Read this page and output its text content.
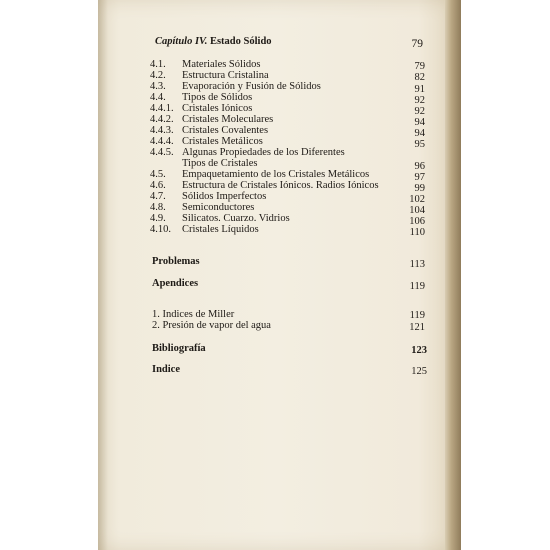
Capítulo IV. Estado Sólido	79
4.1. Materiales Sólidos	79
4.2. Estructura Cristalina	82
4.3. Evaporación y Fusión de Sólidos	91
4.4. Tipos de Sólidos	92
4.4.1. Cristales Iónicos	92
4.4.2. Cristales Moleculares	94
4.4.3. Cristales Covalentes	94
4.4.4. Cristales Metálicos	95
4.4.5. Algunas Propiedades de los Diferentes
Tipos de Cristales	96
4.5. Empaquetamiento de los Cristales Metálicos	97
4.6. Estructura de Cristales Iónicos. Radios Iónicos	99
4.7. Sólidos Imperfectos	102
4.8. Semiconductores	104
4.9. Silicatos. Cuarzo. Vidrios	106
4.10. Cristales Líquidos	110
Problemas	113
Apendices	119
1. Indices de Miller	119
2. Presión de vapor del agua	121
Bibliografía	123
Indice	125
